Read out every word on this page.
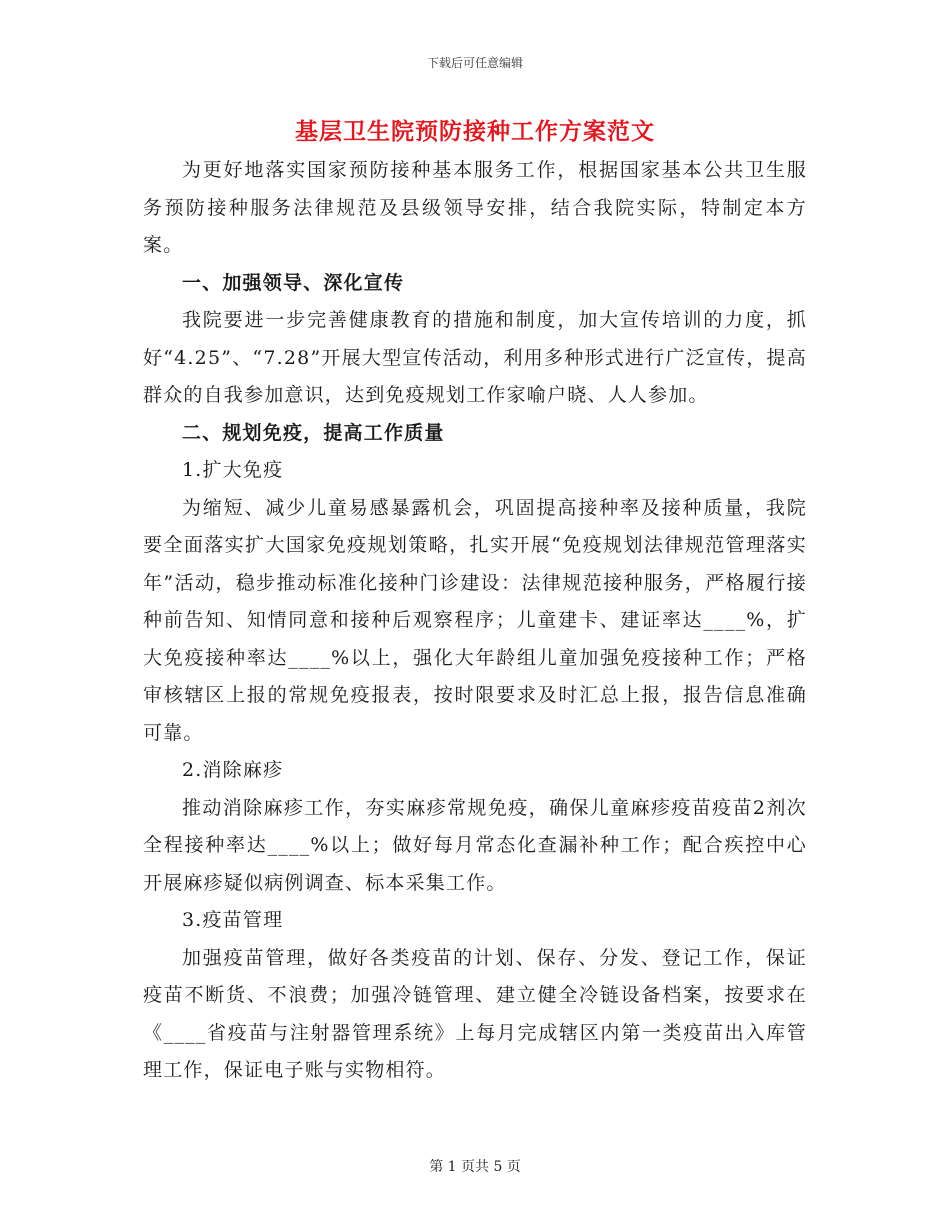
下载后可任意编辑
基层卫生院预防接种工作方案范文

为更好地落实国家预防接种基本服务工作，根据国家基本公共卫生服务预防接种服务法律规范及县级领导安排，结合我院实际，特制定本方案。

一、加强领导、深化宣传

我院要进一步完善健康教育的措施和制度，加大宣传培训的力度，抓好“4.25”、“7.28”开展大型宣传活动，利用多种形式进行广泛宣传，提高群众的自我参加意识，达到免疫规划工作家喻户晓、人人参加。

二、规划免疫，提高工作质量

1.扩大免疫

为缩短、减少儿童易感暴露机会，巩固提高接种率及接种质量，我院要全面落实扩大国家免疫规划策略，扎实开展“免疫规划法律规范管理落实年”活动，稳步推动标准化接种门诊建设：法律规范接种服务，严格履行接种前告知、知情同意和接种后观察程序；儿童建卡、建证率达____%，扩大免疫接种率达____%以上，强化大年龄组儿童加强免疫接种工作；严格审核辖区上报的常规免疫报表，按时限要求及时汇总上报，报告信息准确可靠。

2.消除麻疹

推动消除麻疹工作，夯实麻疹常规免疫，确保儿童麻疹疫苗疫苗2剂次全程接种率达____%以上；做好每月常态化查漏补种工作；配合疾控中心开展麻疹疑似病例调查、标本采集工作。

3.疫苗管理

加强疫苗管理，做好各类疫苗的计划、保存、分发、登记工作，保证疫苗不断货、不浪费；加强冷链管理、建立健全冷链设备档案，按要求在《____省疫苗与注射器管理系统》上每月完成辖区内第一类疫苗出入库管理工作，保证电子账与实物相符。

第 1 页共 5 页
